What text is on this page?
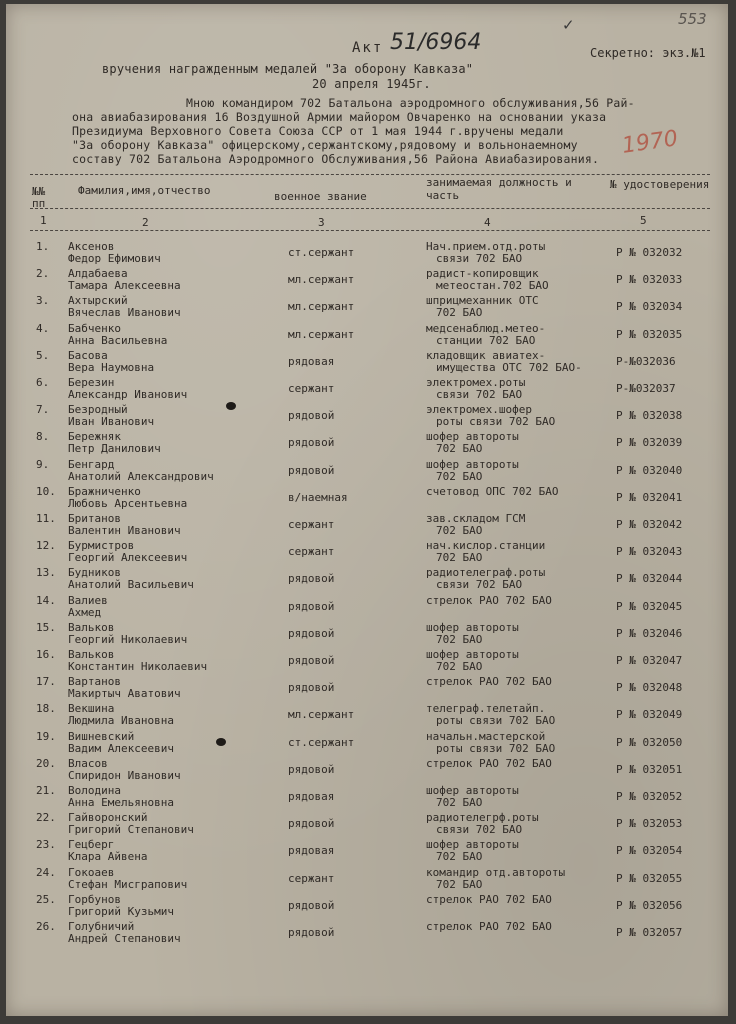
553
Акт 51/6964
✓
Секретно: экз.№1
вручения награжденным медалей "За оборону Кавказа"
20 апреля 1945г.
Мною командиром 702 Батальона аэродромного обслуживания,56 Рай-
она авиабазирования 16 Воздушной Армии майором Овчаренко на основании указа
Президиума Верховного Совета Союза ССР от 1 мая 1944 г.вручены медали
"За оборону Кавказа" офицерскому,сержантскому,рядовому и вольнонаемному
составу 702 Батальона Аэродромного Обслуживания,56 Района Авиабазирования.
1970
№№ пп
Фамилия,имя,отчество	военное звание
занимаемая должность и часть
№ удостоверения
1	2	3	4	5
1. Аксенов
Федор Ефимович	ст.сержант	Нач.прием.отд.роты
связи 702 БАО	Р № 032032
2. Алдабаева
Тамара Алексеевна	мл.сержант	радист-копировщик
метеостан.702 БАО	Р № 032033
3. Ахтырский
Вячеслав Иванович	мл.сержант	шприцмеханник ОТС
702 БАО	Р № 032034
4. Бабченко
Анна Васильевна	мл.сержант	медсенаблюд.метео-
станции 702 БАО	Р № 032035
5. Басова
Вера Наумовна	рядовая	кладовщик авиатех-
имущества ОТС 702 БАО-	Р-№032036
6. Березин
Александр Иванович	сержант	электромех.роты
связи 702 БАО	Р-№032037
7. Безродный
Иван Иванович	рядовой	электромех.шофер
роты связи 702 БАО	Р № 032038
8. Бережняк
Петр Данилович	рядовой	шофер автороты
702 БАО	Р № 032039
9. Бенгард
Анатолий Александрович	рядовой	шофер автороты
702 БАО	Р № 032040
10. Бражниченко
Любовь Арсентьевна	в/наемная	счетовод ОПС 702 БАО	Р № 032041
11. Британов
Валентин Иванович	сержант	зав.складом ГСМ
702 БАО	Р № 032042
12. Бурмистров
Георгий Алексеевич	сержант	нач.кислор.станции
702 БАО	Р № 032043
13. Будников
Анатолий Васильевич	рядовой	радиотелеграф.роты
связи 702 БАО	Р № 032044
14. Валиев
Ахмед	рядовой	стрелок РАО 702 БАО	Р № 032045
15. Вальков
Георгий Николаевич	рядовой	шофер автороты
702 БАО	Р № 032046
16. Вальков
Константин Николаевич	рядовой	шофер автороты
702 БАО	Р № 032047
17. Вартанов
Макиртыч Аватович	рядовой	стрелок РАО 702 БАО	Р № 032048
18. Векшина
Людмила Ивановна	мл.сержант	телеграф.телетайп.
роты связи 702 БАО	Р № 032049
19. Вишневский
Вадим Алексеевич	ст.сержант	начальн.мастерской
роты связи 702 БАО	Р № 032050
20. Власов
Спиридон Иванович	рядовой	стрелок РАО 702 БАО	Р № 032051
21. Володина
Анна Емельяновна	рядовая	шофер автороты
702 БАО	Р № 032052
22. Гайворонский
Григорий Степанович	рядовой	радиотелегрф.роты
связи 702 БАО	Р № 032053
23. Гецберг
Клара Айвена	рядовая	шофер автороты
702 БАО	Р № 032054
24. Гокоаев
Стефан Мисграпович	сержант	командир отд.автороты
702 БАО	Р № 032055
25. Горбунов
Григорий Кузьмич	рядовой	стрелок РАО 702 БАО	Р № 032056
26. Голубничий
Андрей Степанович	рядовой	стрелок РАО 702 БАО	Р № 032057
